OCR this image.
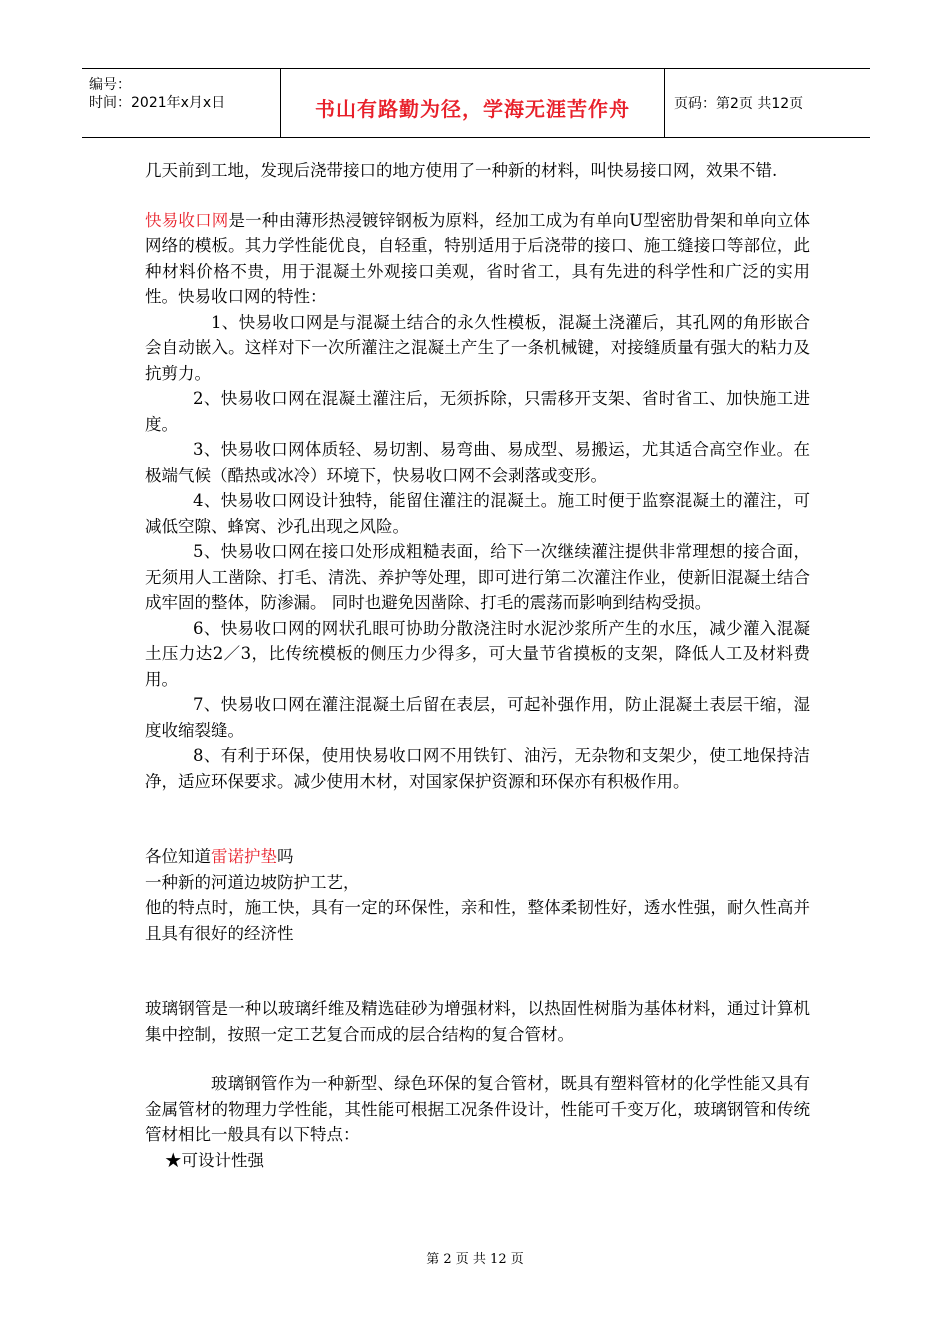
编号：
时间：2021年x月x日	书山有路勤为径，学海无涯苦作舟	页码：第2页 共12页

几天前到工地，发现后浇带接口的地方使用了一种新的材料，叫快易接口网，效果不错.

快易收口网是一种由薄形热浸镀锌钢板为原料，经加工成为有单向U型密肋骨架和单向立体网络的模板。其力学性能优良，自轻重，特别适用于后浇带的接口、施工缝接口等部位，此种材料价格不贵，用于混凝土外观接口美观，省时省工，具有先进的科学性和广泛的实用性。快易收口网的特性：

1、快易收口网是与混凝土结合的永久性模板，混凝土浇灌后，其孔网的角形嵌合会自动嵌入。这样对下一次所灌注之混凝土产生了一条机械键，对接缝质量有强大的粘力及抗剪力。

2、快易收口网在混凝土灌注后，无须拆除，只需移开支架、省时省工、加快施工进度。

3、快易收口网体质轻、易切割、易弯曲、易成型、易搬运，尤其适合高空作业。在极端气候（酷热或冰冷）环境下，快易收口网不会剥落或变形。

4、快易收口网设计独特，能留住灌注的混凝土。施工时便于监察混凝土的灌注，可减低空隙、蜂窝、沙孔出现之风险。

5、快易收口网在接口处形成粗糙表面，给下一次继续灌注提供非常理想的接合面，无须用人工凿除、打毛、清洗、养护等处理，即可进行第二次灌注作业，使新旧混凝土结合成牢固的整体，防渗漏。 同时也避免因凿除、打毛的震荡而影响到结构受损。

6、快易收口网的网状孔眼可协助分散浇注时水泥沙浆所产生的水压，减少灌入混凝土压力达2／3，比传统模板的侧压力少得多，可大量节省摸板的支架，降低人工及材料费用。

7、快易收口网在灌注混凝土后留在表层，可起补强作用，防止混凝土表层干缩，湿度收缩裂缝。

8、有利于环保，使用快易收口网不用铁钉、油污，无杂物和支架少，使工地保持洁净，适应环保要求。减少使用木材，对国家保护资源和环保亦有积极作用。

各位知道雷诺护垫吗

一种新的河道边坡防护工艺，

他的特点时，施工快，具有一定的环保性，亲和性，整体柔韧性好，透水性强，耐久性高并且具有很好的经济性

玻璃钢管是一种以玻璃纤维及精选硅砂为增强材料，以热固性树脂为基体材料，通过计算机集中控制，按照一定工艺复合而成的层合结构的复合管材。

玻璃钢管作为一种新型、绿色环保的复合管材，既具有塑料管材的化学性能又具有金属管材的物理力学性能，其性能可根据工况条件设计，性能可千变万化，玻璃钢管和传统管材相比一般具有以下特点：

★可设计性强

第 2 页 共 12 页
